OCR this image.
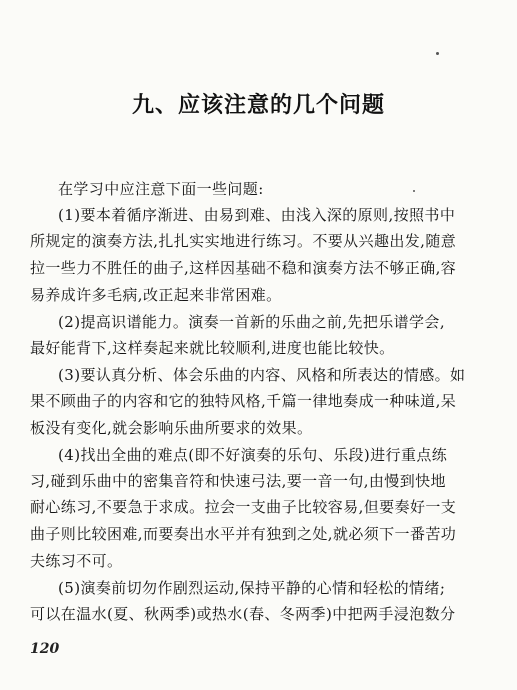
九、应该注意的几个问题
在学习中应注意下面一些问题:
(1)要本着循序渐进、由易到难、由浅入深的原则,按照书中
所规定的演奏方法,扎扎实实地进行练习。不要从兴趣出发,随意
拉一些力不胜任的曲子,这样因基础不稳和演奏方法不够正确,容
易养成许多毛病,改正起来非常困难。
(2)提高识谱能力。演奏一首新的乐曲之前,先把乐谱学会,
最好能背下,这样奏起来就比较顺利,进度也能比较快。
(3)要认真分析、体会乐曲的内容、风格和所表达的情感。如
果不顾曲子的内容和它的独特风格,千篇一律地奏成一种味道,呆
板没有变化,就会影响乐曲所要求的效果。
(4)找出全曲的难点(即不好演奏的乐句、乐段)进行重点练
习,碰到乐曲中的密集音符和快速弓法,要一音一句,由慢到快地
耐心练习,不要急于求成。拉会一支曲子比较容易,但要奏好一支
曲子则比较困难,而要奏出水平并有独到之处,就必须下一番苦功
夫练习不可。
(5)演奏前切勿作剧烈运动,保持平静的心情和轻松的情绪;
可以在温水(夏、秋两季)或热水(春、冬两季)中把两手浸泡数分
120
